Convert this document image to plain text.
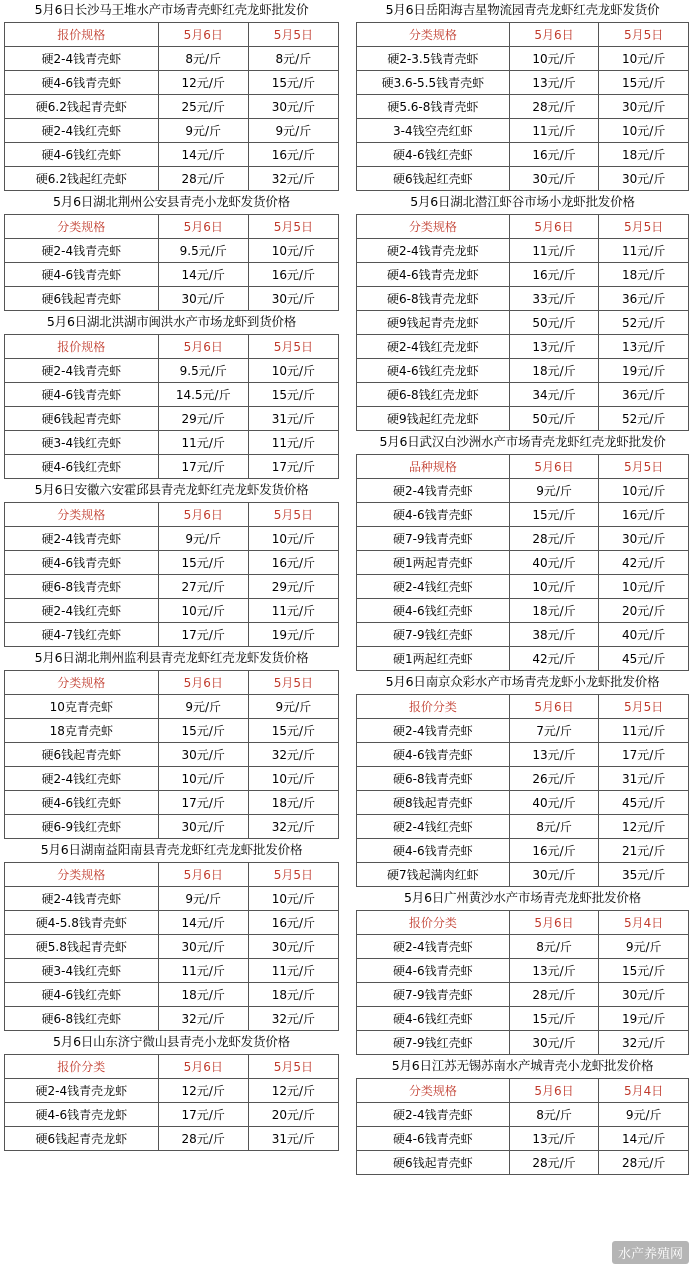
5月6日长沙马王堆水产市场青壳虾红壳龙虾批发价
报价规格	5月6日	5月5日
硬2-4钱青壳虾	8元/斤	8元/斤
硬4-6钱青壳虾	12元/斤	15元/斤
硬6.2钱起青壳虾	25元/斤	30元/斤
硬2-4钱红壳虾	9元/斤	9元/斤
硬4-6钱红壳虾	14元/斤	16元/斤
硬6.2钱起红壳虾	28元/斤	32元/斤
5月6日湖北荆州公安县青壳小龙虾发货价格
分类规格	5月6日	5月5日
硬2-4钱青壳虾	9.5元/斤	10元/斤
硬4-6钱青壳虾	14元/斤	16元/斤
硬6钱起青壳虾	30元/斤	30元/斤
5月6日湖北洪湖市闽洪水产市场龙虾到货价格
报价规格	5月6日	5月5日
硬2-4钱青壳虾	9.5元/斤	10元/斤
硬4-6钱青壳虾	14.5元/斤	15元/斤
硬6钱起青壳虾	29元/斤	31元/斤
硬3-4钱红壳虾	11元/斤	11元/斤
硬4-6钱红壳虾	17元/斤	17元/斤
5月6日安徽六安霍邱县青壳龙虾红壳龙虾发货价格
分类规格	5月6日	5月5日
硬2-4钱青壳虾	9元/斤	10元/斤
硬4-6钱青壳虾	15元/斤	16元/斤
硬6-8钱青壳虾	27元/斤	29元/斤
硬2-4钱红壳虾	10元/斤	11元/斤
硬4-7钱红壳虾	17元/斤	19元/斤
5月6日湖北荆州监利县青壳龙虾红壳龙虾发货价格
分类规格	5月6日	5月5日
10克青壳虾	9元/斤	9元/斤
18克青壳虾	15元/斤	15元/斤
硬6钱起青壳虾	30元/斤	32元/斤
硬2-4钱红壳虾	10元/斤	10元/斤
硬4-6钱红壳虾	17元/斤	18元/斤
硬6-9钱红壳虾	30元/斤	32元/斤
5月6日湖南益阳南县青壳龙虾红壳龙虾批发价格
分类规格	5月6日	5月5日
硬2-4钱青壳虾	9元/斤	10元/斤
硬4-5.8钱青壳虾	14元/斤	16元/斤
硬5.8钱起青壳虾	30元/斤	30元/斤
硬3-4钱红壳虾	11元/斤	11元/斤
硬4-6钱红壳虾	18元/斤	18元/斤
硬6-8钱红壳虾	32元/斤	32元/斤
5月6日山东济宁微山县青壳小龙虾发货价格
报价分类	5月6日	5月5日
硬2-4钱青壳龙虾	12元/斤	12元/斤
硬4-6钱青壳龙虾	17元/斤	20元/斤
硬6钱起青壳龙虾	28元/斤	31元/斤
5月6日岳阳海吉星物流园青壳龙虾红壳龙虾发货价
分类规格	5月6日	5月5日
硬2-3.5钱青壳虾	10元/斤	10元/斤
硬3.6-5.5钱青壳虾	13元/斤	15元/斤
硬5.6-8钱青壳虾	28元/斤	30元/斤
3-4钱空壳红虾	11元/斤	10元/斤
硬4-6钱红壳虾	16元/斤	18元/斤
硬6钱起红壳虾	30元/斤	30元/斤
5月6日湖北潜江虾谷市场小龙虾批发价格
分类规格	5月6日	5月5日
硬2-4钱青壳龙虾	11元/斤	11元/斤
硬4-6钱青壳龙虾	16元/斤	18元/斤
硬6-8钱青壳龙虾	33元/斤	36元/斤
硬9钱起青壳龙虾	50元/斤	52元/斤
硬2-4钱红壳龙虾	13元/斤	13元/斤
硬4-6钱红壳龙虾	18元/斤	19元/斤
硬6-8钱红壳龙虾	34元/斤	36元/斤
硬9钱起红壳龙虾	50元/斤	52元/斤
5月6日武汉白沙洲水产市场青壳龙虾红壳龙虾批发价
品种规格	5月6日	5月5日
硬2-4钱青壳虾	9元/斤	10元/斤
硬4-6钱青壳虾	15元/斤	16元/斤
硬7-9钱青壳虾	28元/斤	30元/斤
硬1两起青壳虾	40元/斤	42元/斤
硬2-4钱红壳虾	10元/斤	10元/斤
硬4-6钱红壳虾	18元/斤	20元/斤
硬7-9钱红壳虾	38元/斤	40元/斤
硬1两起红壳虾	42元/斤	45元/斤
5月6日南京众彩水产市场青壳龙虾小龙虾批发价格
报价分类	5月6日	5月5日
硬2-4钱青壳虾	7元/斤	11元/斤
硬4-6钱青壳虾	13元/斤	17元/斤
硬6-8钱青壳虾	26元/斤	31元/斤
硬8钱起青壳虾	40元/斤	45元/斤
硬2-4钱红壳虾	8元/斤	12元/斤
硬4-6钱青壳虾	16元/斤	21元/斤
硬7钱起满肉红虾	30元/斤	35元/斤
5月6日广州黄沙水产市场青壳龙虾批发价格
报价分类	5月6日	5月4日
硬2-4钱青壳虾	8元/斤	9元/斤
硬4-6钱青壳虾	13元/斤	15元/斤
硬7-9钱青壳虾	28元/斤	30元/斤
硬4-6钱红壳虾	15元/斤	19元/斤
硬7-9钱红壳虾	30元/斤	32元/斤
5月6日江苏无锡苏南水产城青壳小龙虾批发价格
分类规格	5月6日	5月4日
硬2-4钱青壳虾	8元/斤	9元/斤
硬4-6钱青壳虾	13元/斤	14元/斤
硬6钱起青壳虾	28元/斤	28元/斤
水产养殖网
